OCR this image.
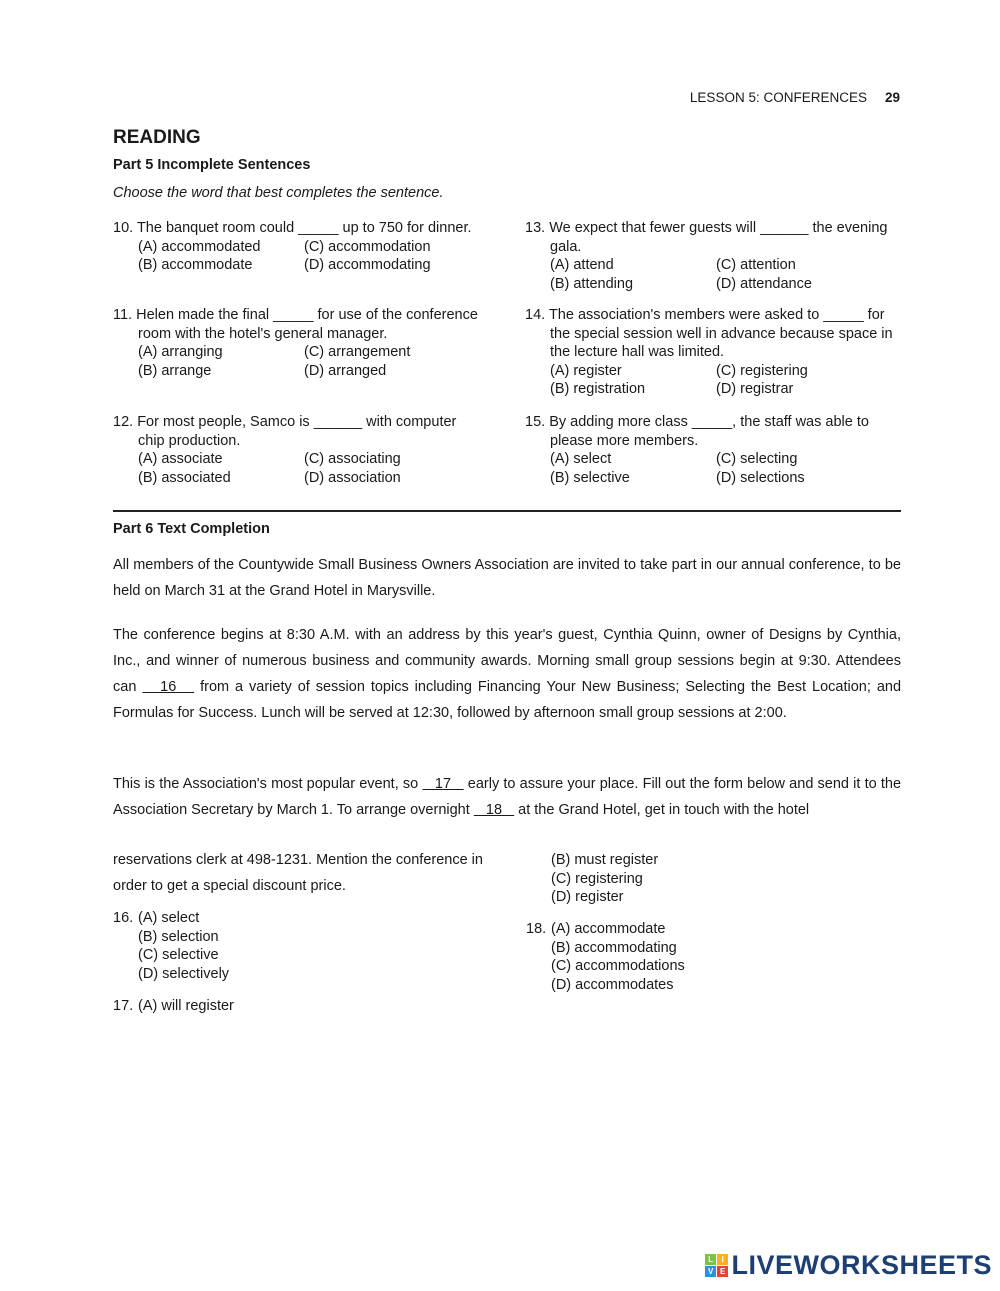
LESSON 5: CONFERENCES 29
READING
Part 5 Incomplete Sentences
Choose the word that best completes the sentence.
10. The banquet room could _____ up to 750 for dinner.
(A) accommodated	(C) accommodation
(B) accommodate	(D) accommodating
11. Helen made the final _____ for use of the conference room with the hotel's general manager.
(A) arranging	(C) arrangement
(B) arrange	(D) arranged
12. For most people, Samco is ______ with computer chip production.
(A) associate	(C) associating
(B) associated	(D) association
13. We expect that fewer guests will ______ the evening gala.
(A) attend	(C) attention
(B) attending	(D) attendance
14. The association's members were asked to _____ for the special session well in advance because space in the lecture hall was limited.
(A) register	(C) registering
(B) registration	(D) registrar
15. By adding more class _____, the staff was able to please more members.
(A) select	(C) selecting
(B) selective	(D) selections
Part 6 Text Completion
All members of the Countywide Small Business Owners Association are invited to take part in our annual conference, to be held on March 31 at the Grand Hotel in Marysville.
The conference begins at 8:30 A.M. with an address by this year's guest, Cynthia Quinn, owner of Designs by Cynthia, Inc., and winner of numerous business and community awards. Morning small group sessions begin at 9:30. Attendees can    16    from a variety of session topics including Financing Your New Business; Selecting the Best Location; and Formulas for Success. Lunch will be served at 12:30, followed by afternoon small group sessions at 2:00.
This is the Association's most popular event, so    17    early to assure your place. Fill out the form below and send it to the Association Secretary by March 1. To arrange overnight    18    at the Grand Hotel, get in touch with the hotel
reservations clerk at 498-1231. Mention the conference in order to get a special discount price.
16. (A) select
(B) selection
(C) selective
(D) selectively
17. (A) will register
(B) must register
(C) registering
(D) register
18. (A) accommodate
(B) accommodating
(C) accommodations
(D) accommodates
L I
V E LIVEWORKSHEETS
